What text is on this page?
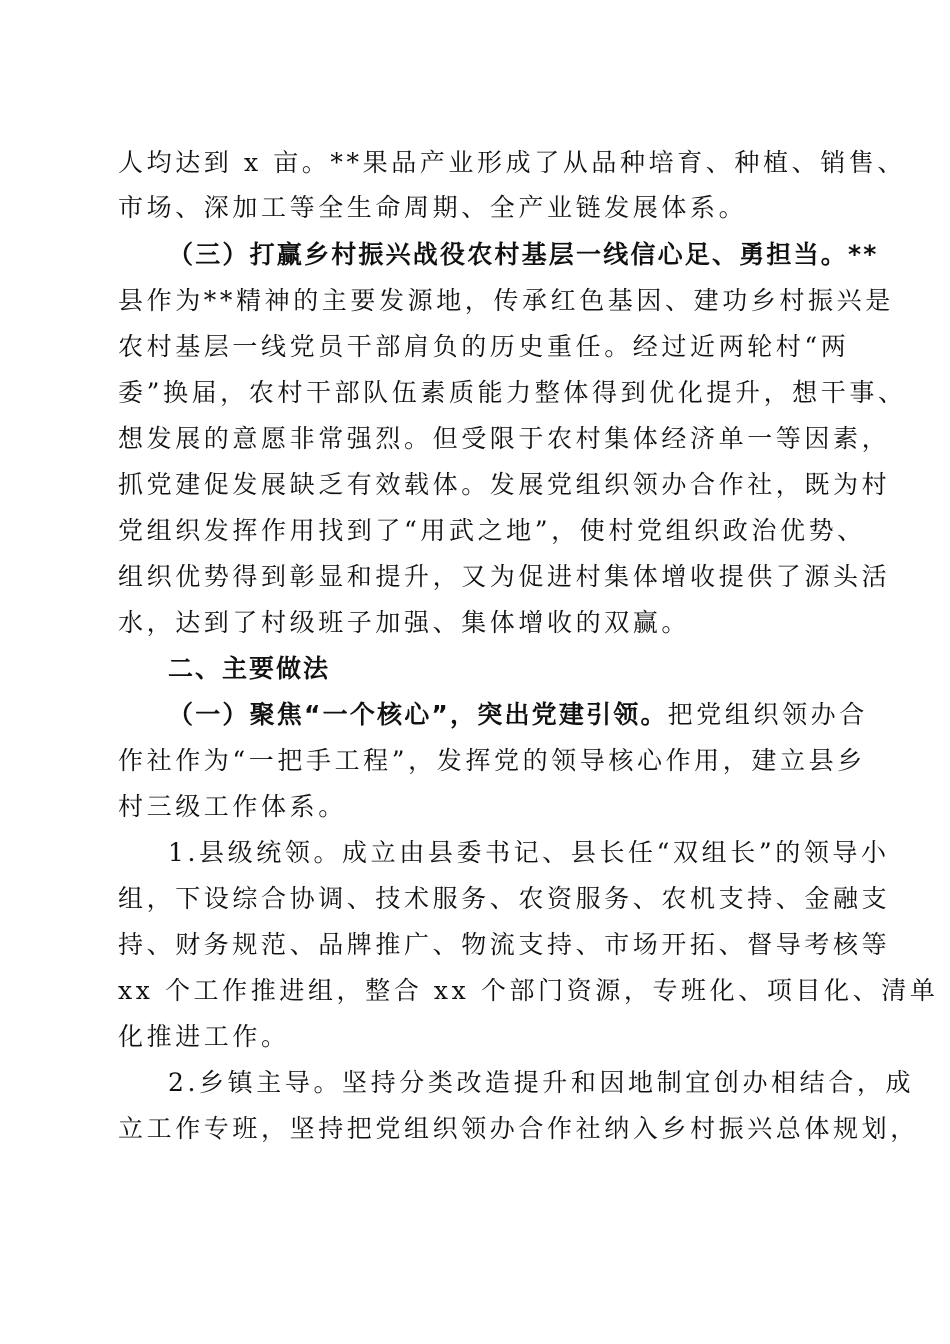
人均达到 x 亩。**果品产业形成了从品种培育、种植、销售、
市场、深加工等全生命周期、全产业链发展体系。
（三）打赢乡村振兴战役农村基层一线信心足、勇担当。**
县作为**精神的主要发源地，传承红色基因、建功乡村振兴是
农村基层一线党员干部肩负的历史重任。经过近两轮村“两
委”换届，农村干部队伍素质能力整体得到优化提升，想干事、
想发展的意愿非常强烈。但受限于农村集体经济单一等因素，
抓党建促发展缺乏有效载体。发展党组织领办合作社，既为村
党组织发挥作用找到了“用武之地”，使村党组织政治优势、
组织优势得到彰显和提升，又为促进村集体增收提供了源头活
水，达到了村级班子加强、集体增收的双赢。
二、主要做法
（一）聚焦“一个核心”，突出党建引领。把党组织领办合
作社作为“一把手工程”，发挥党的领导核心作用，建立县乡
村三级工作体系。
1.县级统领。成立由县委书记、县长任“双组长”的领导小
组，下设综合协调、技术服务、农资服务、农机支持、金融支
持、财务规范、品牌推广、物流支持、市场开拓、督导考核等
xx 个工作推进组，整合 xx 个部门资源，专班化、项目化、清单
化推进工作。
2.乡镇主导。坚持分类改造提升和因地制宜创办相结合，成
立工作专班，坚持把党组织领办合作社纳入乡村振兴总体规划，
